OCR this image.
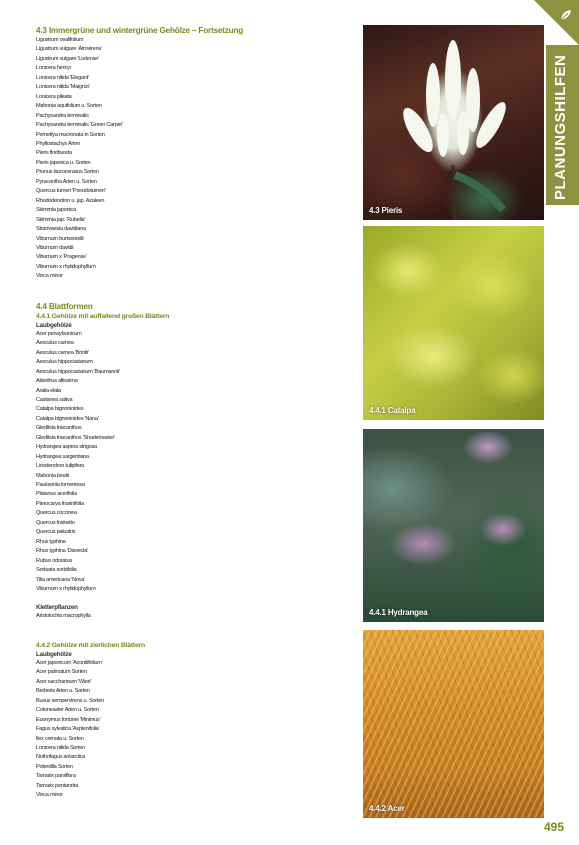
4.3 Immergrüne und wintergrüne Gehölze – Fortsetzung
Ligustrum ovalifolium
Ligustrum vulgare 'Atrovirens'
Ligustrum vulgare 'Lodense'
Lonicera henryi
Lonicera nitida 'Elegant'
Lonicera nitida 'Maigrün'
Lonicera pileata
Mahonia aquifolium u. Sorten
Pachysandra terminalis
Pachysandra terminalis 'Green Carpet'
Pernettya mucronata in Sorten
Phyllostachys Arten
Pieris floribunda
Pieris japonica u. Sorten
Prunus laurocerasus Sorten
Pyracantha Arten u. Sorten
Quercus turneri 'Pseudoturneri'
Rhododendron u. jap. Azaleen
Skimmia japonica
Skimmia jap. 'Rubella'
Stranvaesia davidiana
Viburnum burkwoodii
Viburnum davidii
Viburnum x 'Pragense'
Viburnum x rhytidophyllum
Vinca minor
4.4 Blattformen
4.4.1 Gehölze mit auffallend großen Blättern
Laubgehölze
Acer pensylvanicum
Aesculus carnea
Aesculus carnea 'Briotii'
Aesculus hippocastanum
Aesculus hippocastanum 'Baumannii'
Ailanthus altissima
Aralia elata
Castanea sativa
Catalpa bignonioides
Catalpa bignonioides 'Nana'
Gleditsia triacanthos
Gleditsia triacanthos 'Shademaster'
Hydrangea aspera strigosa
Hydrangea sargentiana
Liriodendron tulipifera
Mahonia bealii
Paulownia tomentosa
Platanus acerifolia
Pterocarya fraxinifolia
Quercus coccinea
Quercus frainetto
Quercus palustris
Rhus typhina
Rhus typhina 'Dissecta'
Rubus odoratus
Sorbaria sorbifolia
Tilia americana 'Nova'
Viburnum x rhytidophyllum
Kletterpflanzen
Aristolochia macrophylla
4.4.2 Gehölze mit zierlichen Blättern
Laubgehölze
Acer japonicum 'Aconitifolium'
Acer palmatum Sorten
Acer saccharinum 'Wieri'
Berberis Arten u. Sorten
Buxus sempervirens u. Sorten
Cotoneaster Arten u. Sorten
Euonymus fortunei 'Minimus'
Fagus sylvatica 'Asplenifolia'
Ilex crenata u. Sorten
Lonicera nitida Sorten
Nothofagus antarctica
Potentilla Sorten
Tamarix parviflora
Tamarix pentandra
Vinca minor
4.3 Pieris
4.4.1 Catalpa
4.4.1 Hydrangea
4.4.2 Acer
PLANUNGSHILFEN
495
